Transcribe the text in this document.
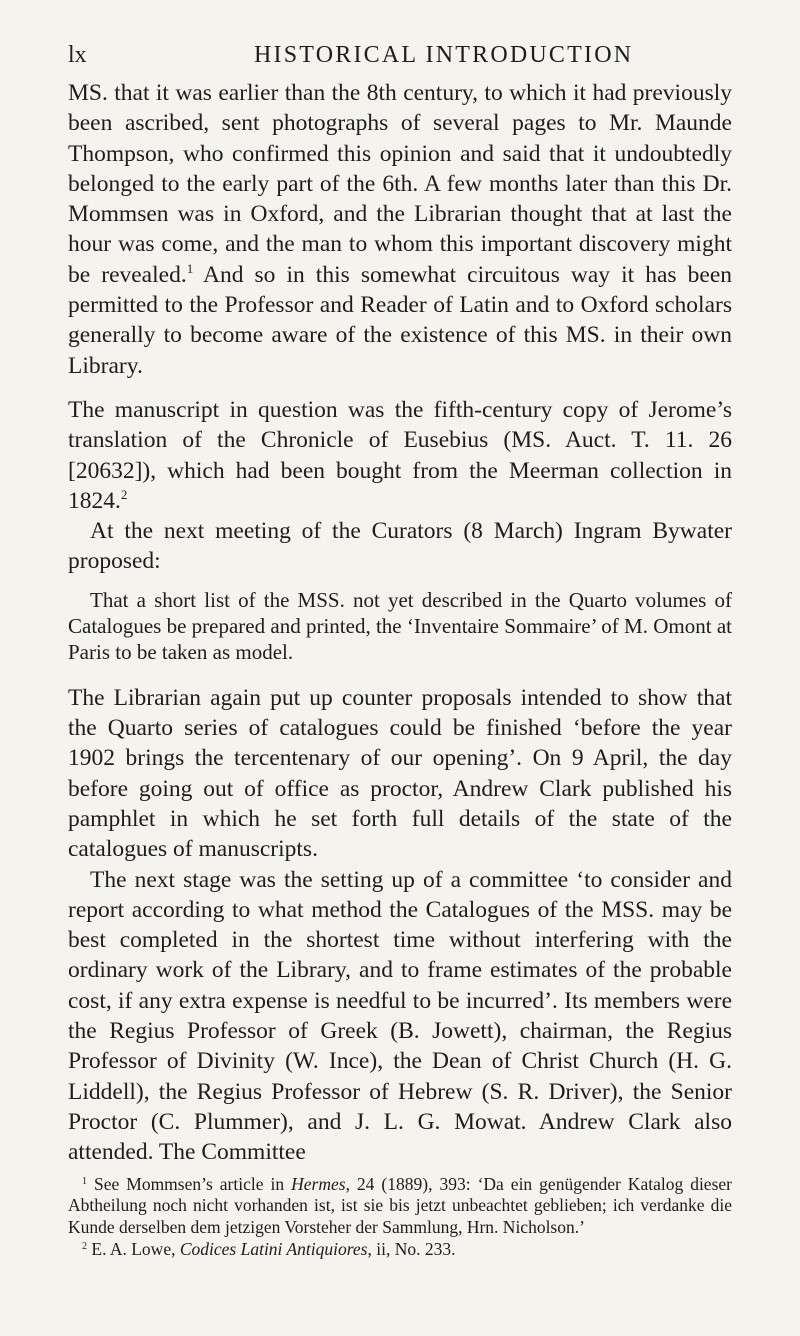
lx	HISTORICAL INTRODUCTION

MS. that it was earlier than the 8th century, to which it had previously been ascribed, sent photographs of several pages to Mr. Maunde Thompson, who confirmed this opinion and said that it undoubtedly belonged to the early part of the 6th. A few months later than this Dr. Mommsen was in Oxford, and the Librarian thought that at last the hour was come, and the man to whom this important discovery might be revealed.$^1$ And so in this somewhat circuitous way it has been permitted to the Professor and Reader of Latin and to Oxford scholars generally to become aware of the existence of this MS. in their own Library.

The manuscript in question was the fifth-century copy of Jerome’s translation of the Chronicle of Eusebius (MS. Auct. T. 11. 26 [20632]), which had been bought from the Meerman collection in 1824.$^2$

At the next meeting of the Curators (8 March) Ingram Bywater proposed:

That a short list of the MSS. not yet described in the Quarto volumes of Catalogues be prepared and printed, the ‘Inventaire Sommaire’ of M. Omont at Paris to be taken as model.

The Librarian again put up counter proposals intended to show that the Quarto series of catalogues could be finished ‘before the year 1902 brings the tercentenary of our opening’. On 9 April, the day before going out of office as proctor, Andrew Clark published his pamphlet in which he set forth full details of the state of the catalogues of manuscripts.

The next stage was the setting up of a committee ‘to consider and report according to what method the Catalogues of the MSS. may be best completed in the shortest time without interfering with the ordinary work of the Library, and to frame estimates of the probable cost, if any extra expense is needful to be incurred’. Its members were the Regius Professor of Greek (B. Jowett), chairman, the Regius Professor of Divinity (W. Ince), the Dean of Christ Church (H. G. Liddell), the Regius Professor of Hebrew (S. R. Driver), the Senior Proctor (C. Plummer), and J. L. G. Mowat. Andrew Clark also attended. The Committee

$^1$ See Mommsen’s article in Hermes, 24 (1889), 393: ‘Da ein genügender Katalog dieser Abtheilung noch nicht vorhanden ist, ist sie bis jetzt unbeachtet geblieben; ich verdanke die Kunde derselben dem jetzigen Vorsteher der Sammlung, Hrn. Nicholson.’

$^2$ E. A. Lowe, Codices Latini Antiquiores, ii, No. 233.
